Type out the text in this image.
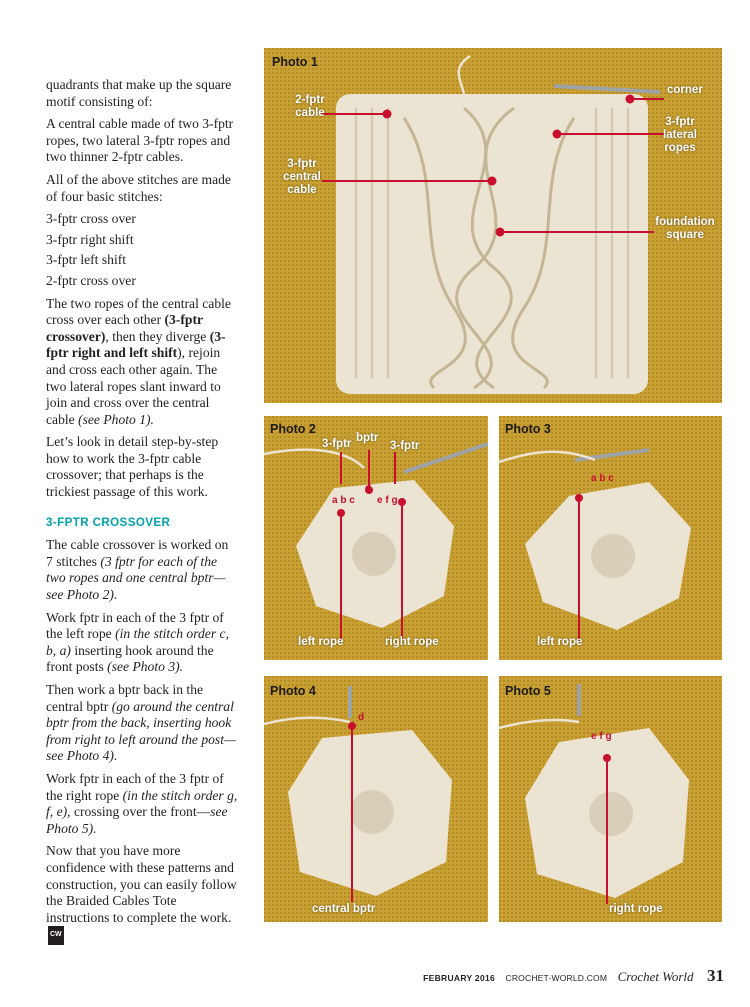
quadrants that make up the square motif consisting of:

A central cable made of two 3-fptr ropes, two lateral 3-fptr ropes and two thinner 2-fptr cables.

All of the above stitches are made of four basic stitches:

3-fptr cross over

3-fptr right shift

3-fptr left shift

2-fptr cross over

The two ropes of the central cable cross over each other (3-fptr crossover), then they diverge (3-fptr right and left shift), rejoin and cross each other again. The two lateral ropes slant inward to join and cross over the central cable (see Photo 1).

Let’s look in detail step-by-step how to work the 3-fptr cable crossover; that perhaps is the trickiest passage of this work.

3-FPTR CROSSOVER

The cable crossover is worked on 7 stitches (3 fptr for each of the two ropes and one central bptr—see Photo 2).

Work fptr in each of the 3 fptr of the left rope (in the stitch order c, b, a) inserting hook around the front posts (see Photo 3).

Then work a bptr back in the central bptr (go around the central bptr from the back, inserting hook from right to left around the post—see Photo 4).

Work fptr in each of the 3 fptr of the right rope (in the stitch order g, f, e), crossing over the front—see Photo 5).

Now that you have more confidence with these patterns and construction, you can easily follow the Braided Cables Tote instructions to complete the work.CW

Photo 1
2-fptr cable
3-fptr central cable
corner
3-fptr lateral ropes
foundation square
Photo 2
3-fptr bptr
3-fptr
a b c
d
e f g
left rope	right rope
Photo 3
a b c
left rope
Photo 4
d
central bptr
Photo 5
e f g
right rope
FEBRUARY 2016 CROCHET-WORLD.COM Crochet World 31
